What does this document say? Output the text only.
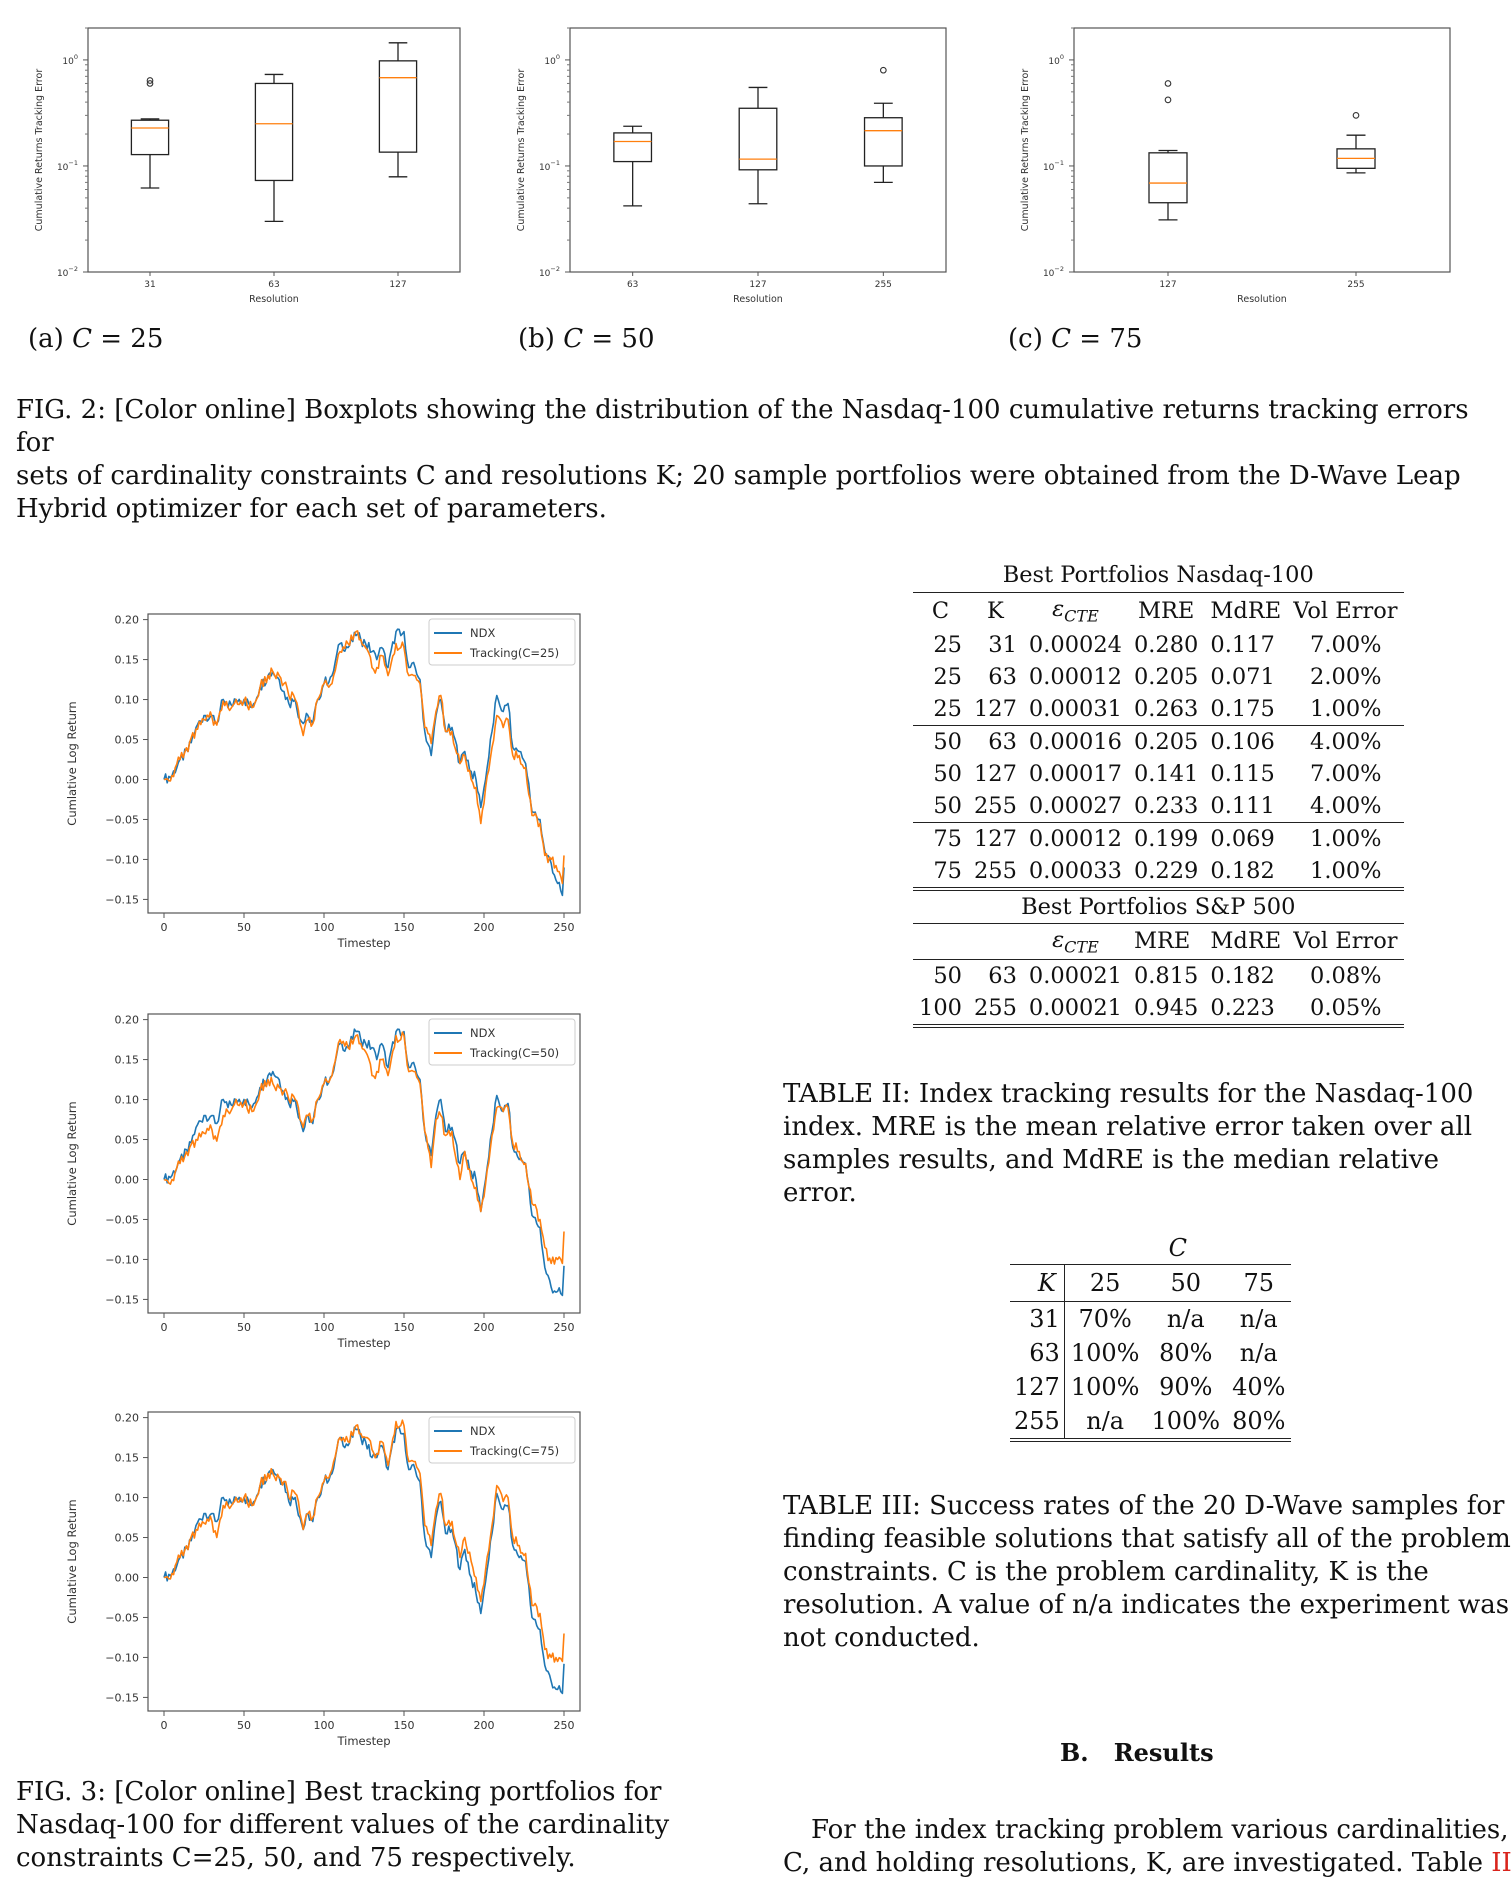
$10^{-2}$
$10^{-1}$
$10^0$
Cumulative Returns Tracking Error
31	63	127
Resolution
$10^{-2}$
$10^{-1}$
$10^0$
Cumulative Returns Tracking Error
63	127	255
Resolution
$10^{-2}$
$10^{-1}$
$10^0$
Cumulative Returns Tracking Error
127	255
Resolution
(a) C = 25	(b) C = 50	(c) C = 75
FIG. 2: [Color online] Boxplots showing the distribution of the Nasdaq-100 cumulative returns tracking errors for
sets of cardinality constraints C and resolutions K; 20 sample portfolios were obtained from the D-Wave Leap
Hybrid optimizer for each set of parameters.
−0.15
−0.10
−0.05
0.00
0.05
0.10
0.15
0.20
0	50	100	150	200	250
Timestep
Cumlative Log Return
NDX
Tracking(C=25)
−0.15
−0.10
−0.05
0.00
0.05
0.10
0.15
0.20
0	50	100	150	200	250
Timestep
Cumlative Log Return
NDX
Tracking(C=50)
−0.15
−0.10
−0.05
0.00
0.05
0.10
0.15
0.20
0	50	100	150	200	250
Timestep
Cumlative Log Return
NDX
Tracking(C=75)
FIG. 3: [Color online] Best tracking portfolios for
Nasdaq-100 for different values of the cardinality
constraints C=25, 50, and 75 respectively.
Best Portfolios Nasdaq-100
C	K	$\varepsilon_{CTE}$	MRE	MdRE	Vol Error
25	31	0.00024	0.280	0.117	7.00%
25	63	0.00012	0.205	0.071	2.00%
25	127	0.00031	0.263	0.175	1.00%
50	63	0.00016	0.205	0.106	4.00%
50	127	0.00017	0.141	0.115	7.00%
50	255	0.00027	0.233	0.111	4.00%
75	127	0.00012	0.199	0.069	1.00%
75	255	0.00033	0.229	0.182	1.00%
Best Portfolios S&P 500					
		$\varepsilon_{CTE}$	MRE	MdRE	Vol Error
50	63	0.00021	0.815	0.182	0.08%
100	255	0.00021	0.945	0.223	0.05%
TABLE II: Index tracking results for the Nasdaq-100
index. MRE is the mean relative error taken over all
samples results, and MdRE is the median relative error.
	C		
K	25	50	75
31	70%	n/a	n/a
63	100%	80%	n/a
127	100%	90%	40%
255	n/a	100%	80%
TABLE III: Success rates of the 20 D-Wave samples for
finding feasible solutions that satisfy all of the problem
constraints. C is the problem cardinality, K is the
resolution. A value of n/a indicates the experiment was
not conducted.
B.   Results
For the index tracking problem various cardinalities,
C, and holding resolutions, K, are investigated. Table II
